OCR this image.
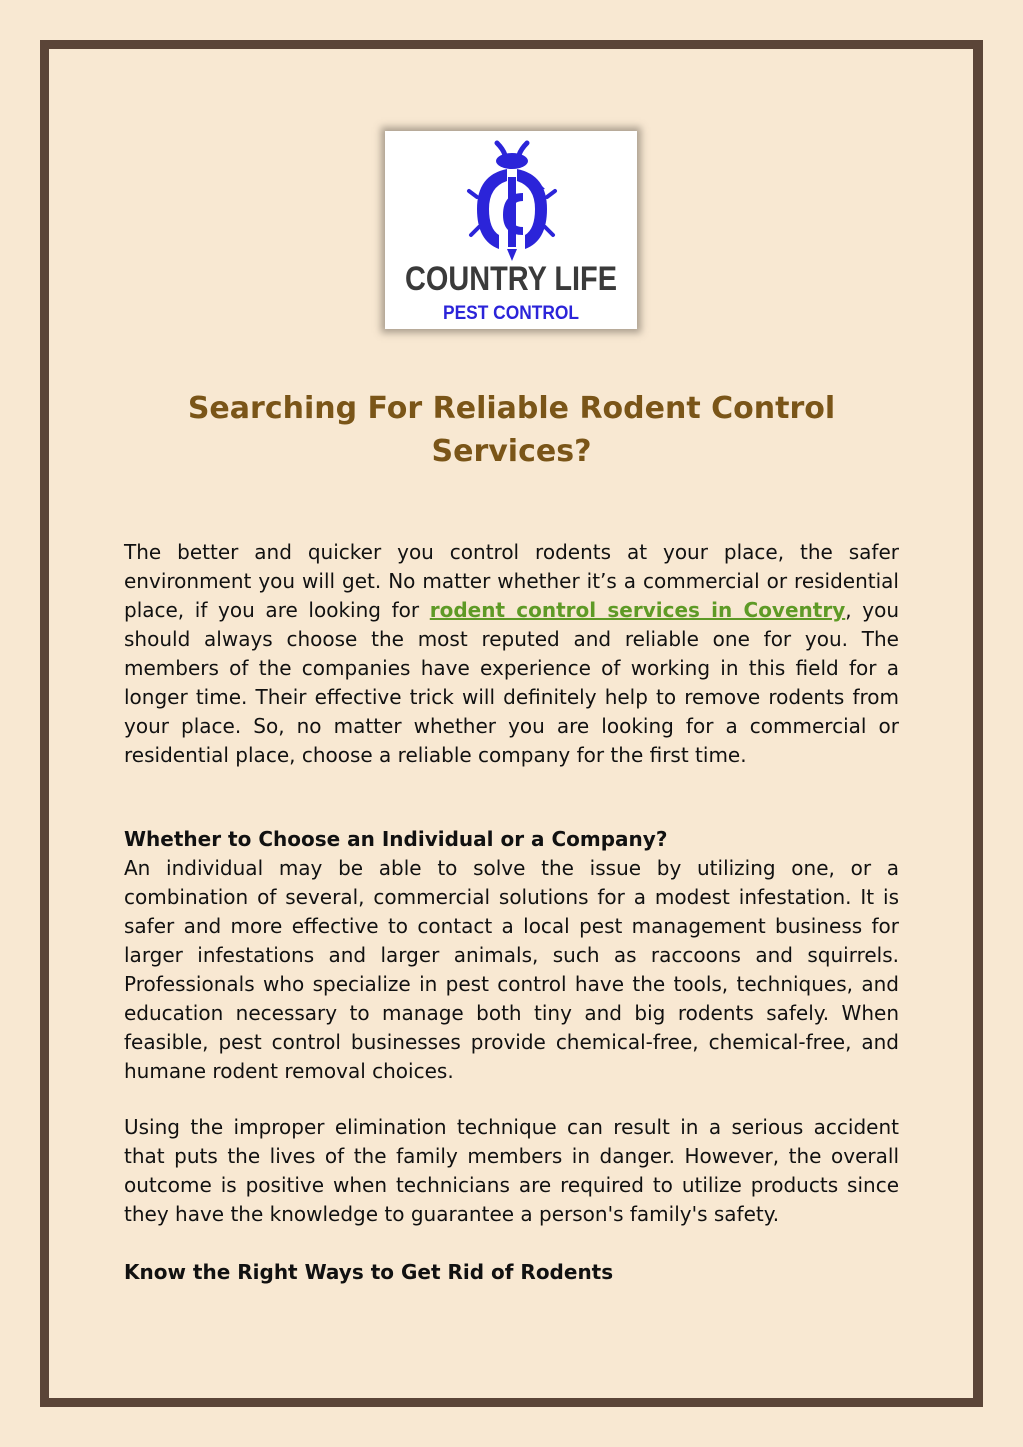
COUNTRY LIFE
PEST CONTROL
Searching For Reliable Rodent Control Services?

The better and quicker you control rodents at your place, the safer environment you will get. No matter whether it’s a commercial or residential place, if you are looking for rodent control services in Coventry, you should always choose the most reputed and reliable one for you. The members of the companies have experience of working in this field for a longer time. Their effective trick will definitely help to remove rodents from your place. So, no matter whether you are looking for a commercial or residential place, choose a reliable company for the first time.

Whether to Choose an Individual or a Company?

An individual may be able to solve the issue by utilizing one, or a combination of several, commercial solutions for a modest infestation. It is safer and more effective to contact a local pest management business for larger infestations and larger animals, such as raccoons and squirrels. Professionals who specialize in pest control have the tools, techniques, and education necessary to manage both tiny and big rodents safely. When feasible, pest control businesses provide chemical-free, chemical-free, and humane rodent removal choices.

Using the improper elimination technique can result in a serious accident that puts the lives of the family members in danger. However, the overall outcome is positive when technicians are required to utilize products since they have the knowledge to guarantee a person's family's safety.

Know the Right Ways to Get Rid of Rodents
